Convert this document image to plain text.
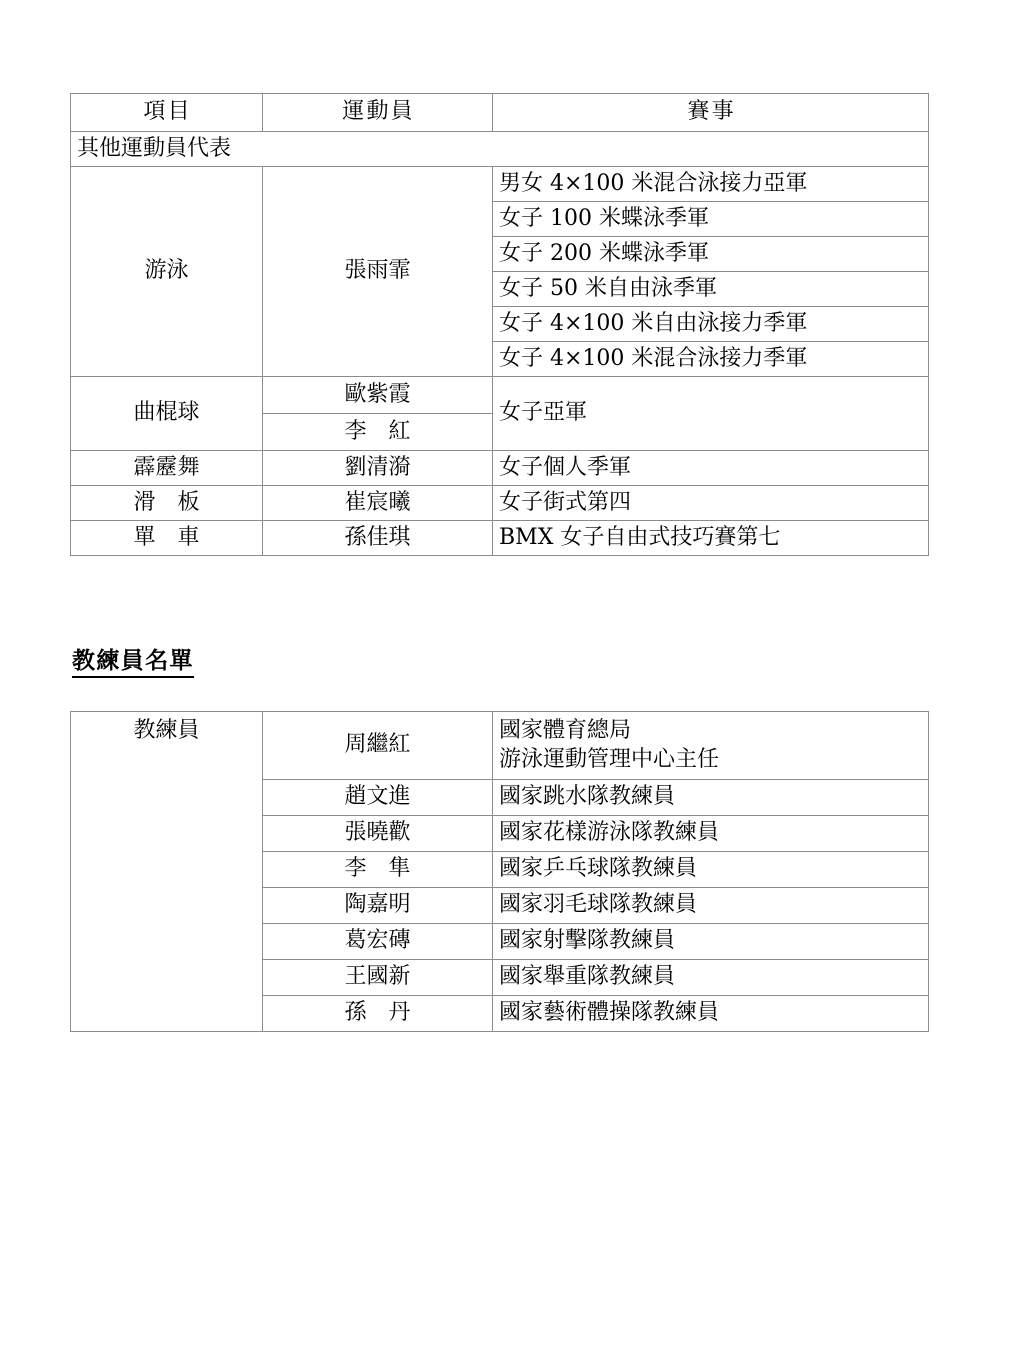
項目	運動員	賽事
其他運動員代表		
游泳	張雨霏	男女 4×100 米混合泳接力亞軍
		女子 100 米蝶泳季軍
		女子 200 米蝶泳季軍
		女子 50 米自由泳季軍
		女子 4×100 米自由泳接力季軍
		女子 4×100 米混合泳接力季軍
曲棍球	歐紫霞	女子亞軍
	李　紅	
霹靂舞	劉清漪	女子個人季軍
滑　板	崔宸曦	女子街式第四
單　車	孫佳琪	BMX 女子自由式技巧賽第七
教練員名單
教練員	周繼紅	國家體育總局
游泳運動管理中心主任

	趙文進	國家跳水隊教練員
	張曉歡	國家花樣游泳隊教練員
	李　隼	國家乒乓球隊教練員
	陶嘉明	國家羽毛球隊教練員
	葛宏磚	國家射擊隊教練員
	王國新	國家舉重隊教練員
	孫　丹	國家藝術體操隊教練員
